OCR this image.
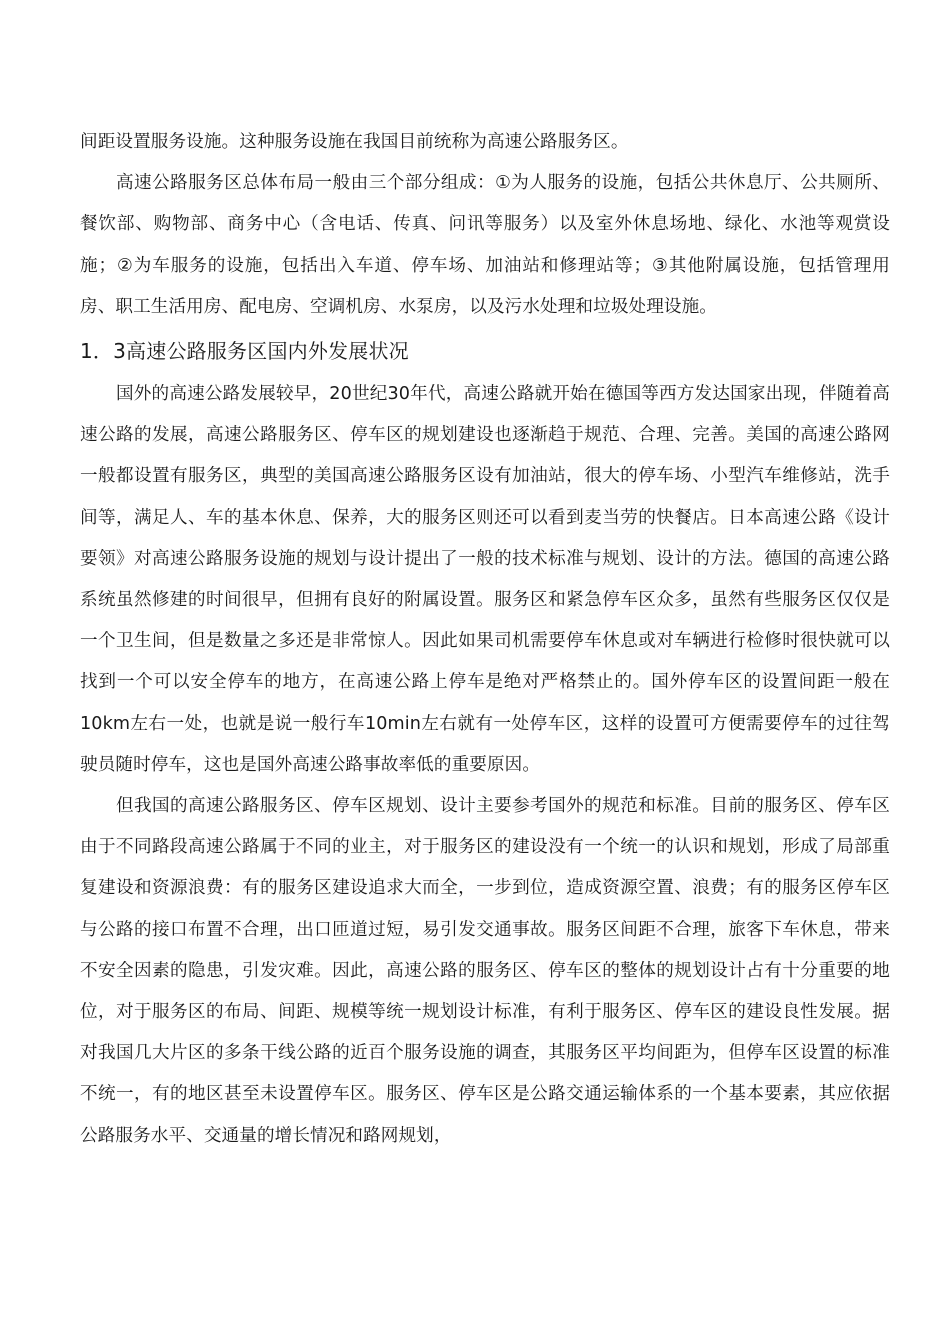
间距设置服务设施。这种服务设施在我国目前统称为高速公路服务区。

高速公路服务区总体布局一般由三个部分组成：①为人服务的设施，包括公共休息厅、公共厕所、餐饮部、购物部、商务中心（含电话、传真、问讯等服务）以及室外休息场地、绿化、水池等观赏设施；②为车服务的设施，包括出入车道、停车场、加油站和修理站等；③其他附属设施，包括管理用房、职工生活用房、配电房、空调机房、水泵房，以及污水处理和垃圾处理设施。

1．3高速公路服务区国内外发展状况

国外的高速公路发展较早，20世纪30年代，高速公路就开始在德国等西方发达国家出现，伴随着高速公路的发展，高速公路服务区、停车区的规划建设也逐渐趋于规范、合理、完善。美国的高速公路网一般都设置有服务区，典型的美国高速公路服务区设有加油站，很大的停车场、小型汽车维修站，洗手间等，满足人、车的基本休息、保养，大的服务区则还可以看到麦当劳的快餐店。日本高速公路《设计要领》对高速公路服务设施的规划与设计提出了一般的技术标准与规划、设计的方法。德国的高速公路系统虽然修建的时间很早，但拥有良好的附属设置。服务区和紧急停车区众多，虽然有些服务区仅仅是一个卫生间，但是数量之多还是非常惊人。因此如果司机需要停车休息或对车辆进行检修时很快就可以找到一个可以安全停车的地方，在高速公路上停车是绝对严格禁止的。国外停车区的设置间距一般在10km左右一处，也就是说一般行车10min左右就有一处停车区，这样的设置可方便需要停车的过往驾驶员随时停车，这也是国外高速公路事故率低的重要原因。

但我国的高速公路服务区、停车区规划、设计主要参考国外的规范和标准。目前的服务区、停车区由于不同路段高速公路属于不同的业主，对于服务区的建设没有一个统一的认识和规划，形成了局部重复建设和资源浪费：有的服务区建设追求大而全，一步到位，造成资源空置、浪费；有的服务区停车区与公路的接口布置不合理，出口匝道过短，易引发交通事故。服务区间距不合理，旅客下车休息，带来不安全因素的隐患，引发灾难。因此，高速公路的服务区、停车区的整体的规划设计占有十分重要的地位，对于服务区的布局、间距、规模等统一规划设计标准，有利于服务区、停车区的建设良性发展。据对我国几大片区的多条干线公路的近百个服务设施的调查，其服务区平均间距为，但停车区设置的标准不统一，有的地区甚至未设置停车区。服务区、停车区是公路交通运输体系的一个基本要素，其应依据公路服务水平、交通量的增长情况和路网规划，
